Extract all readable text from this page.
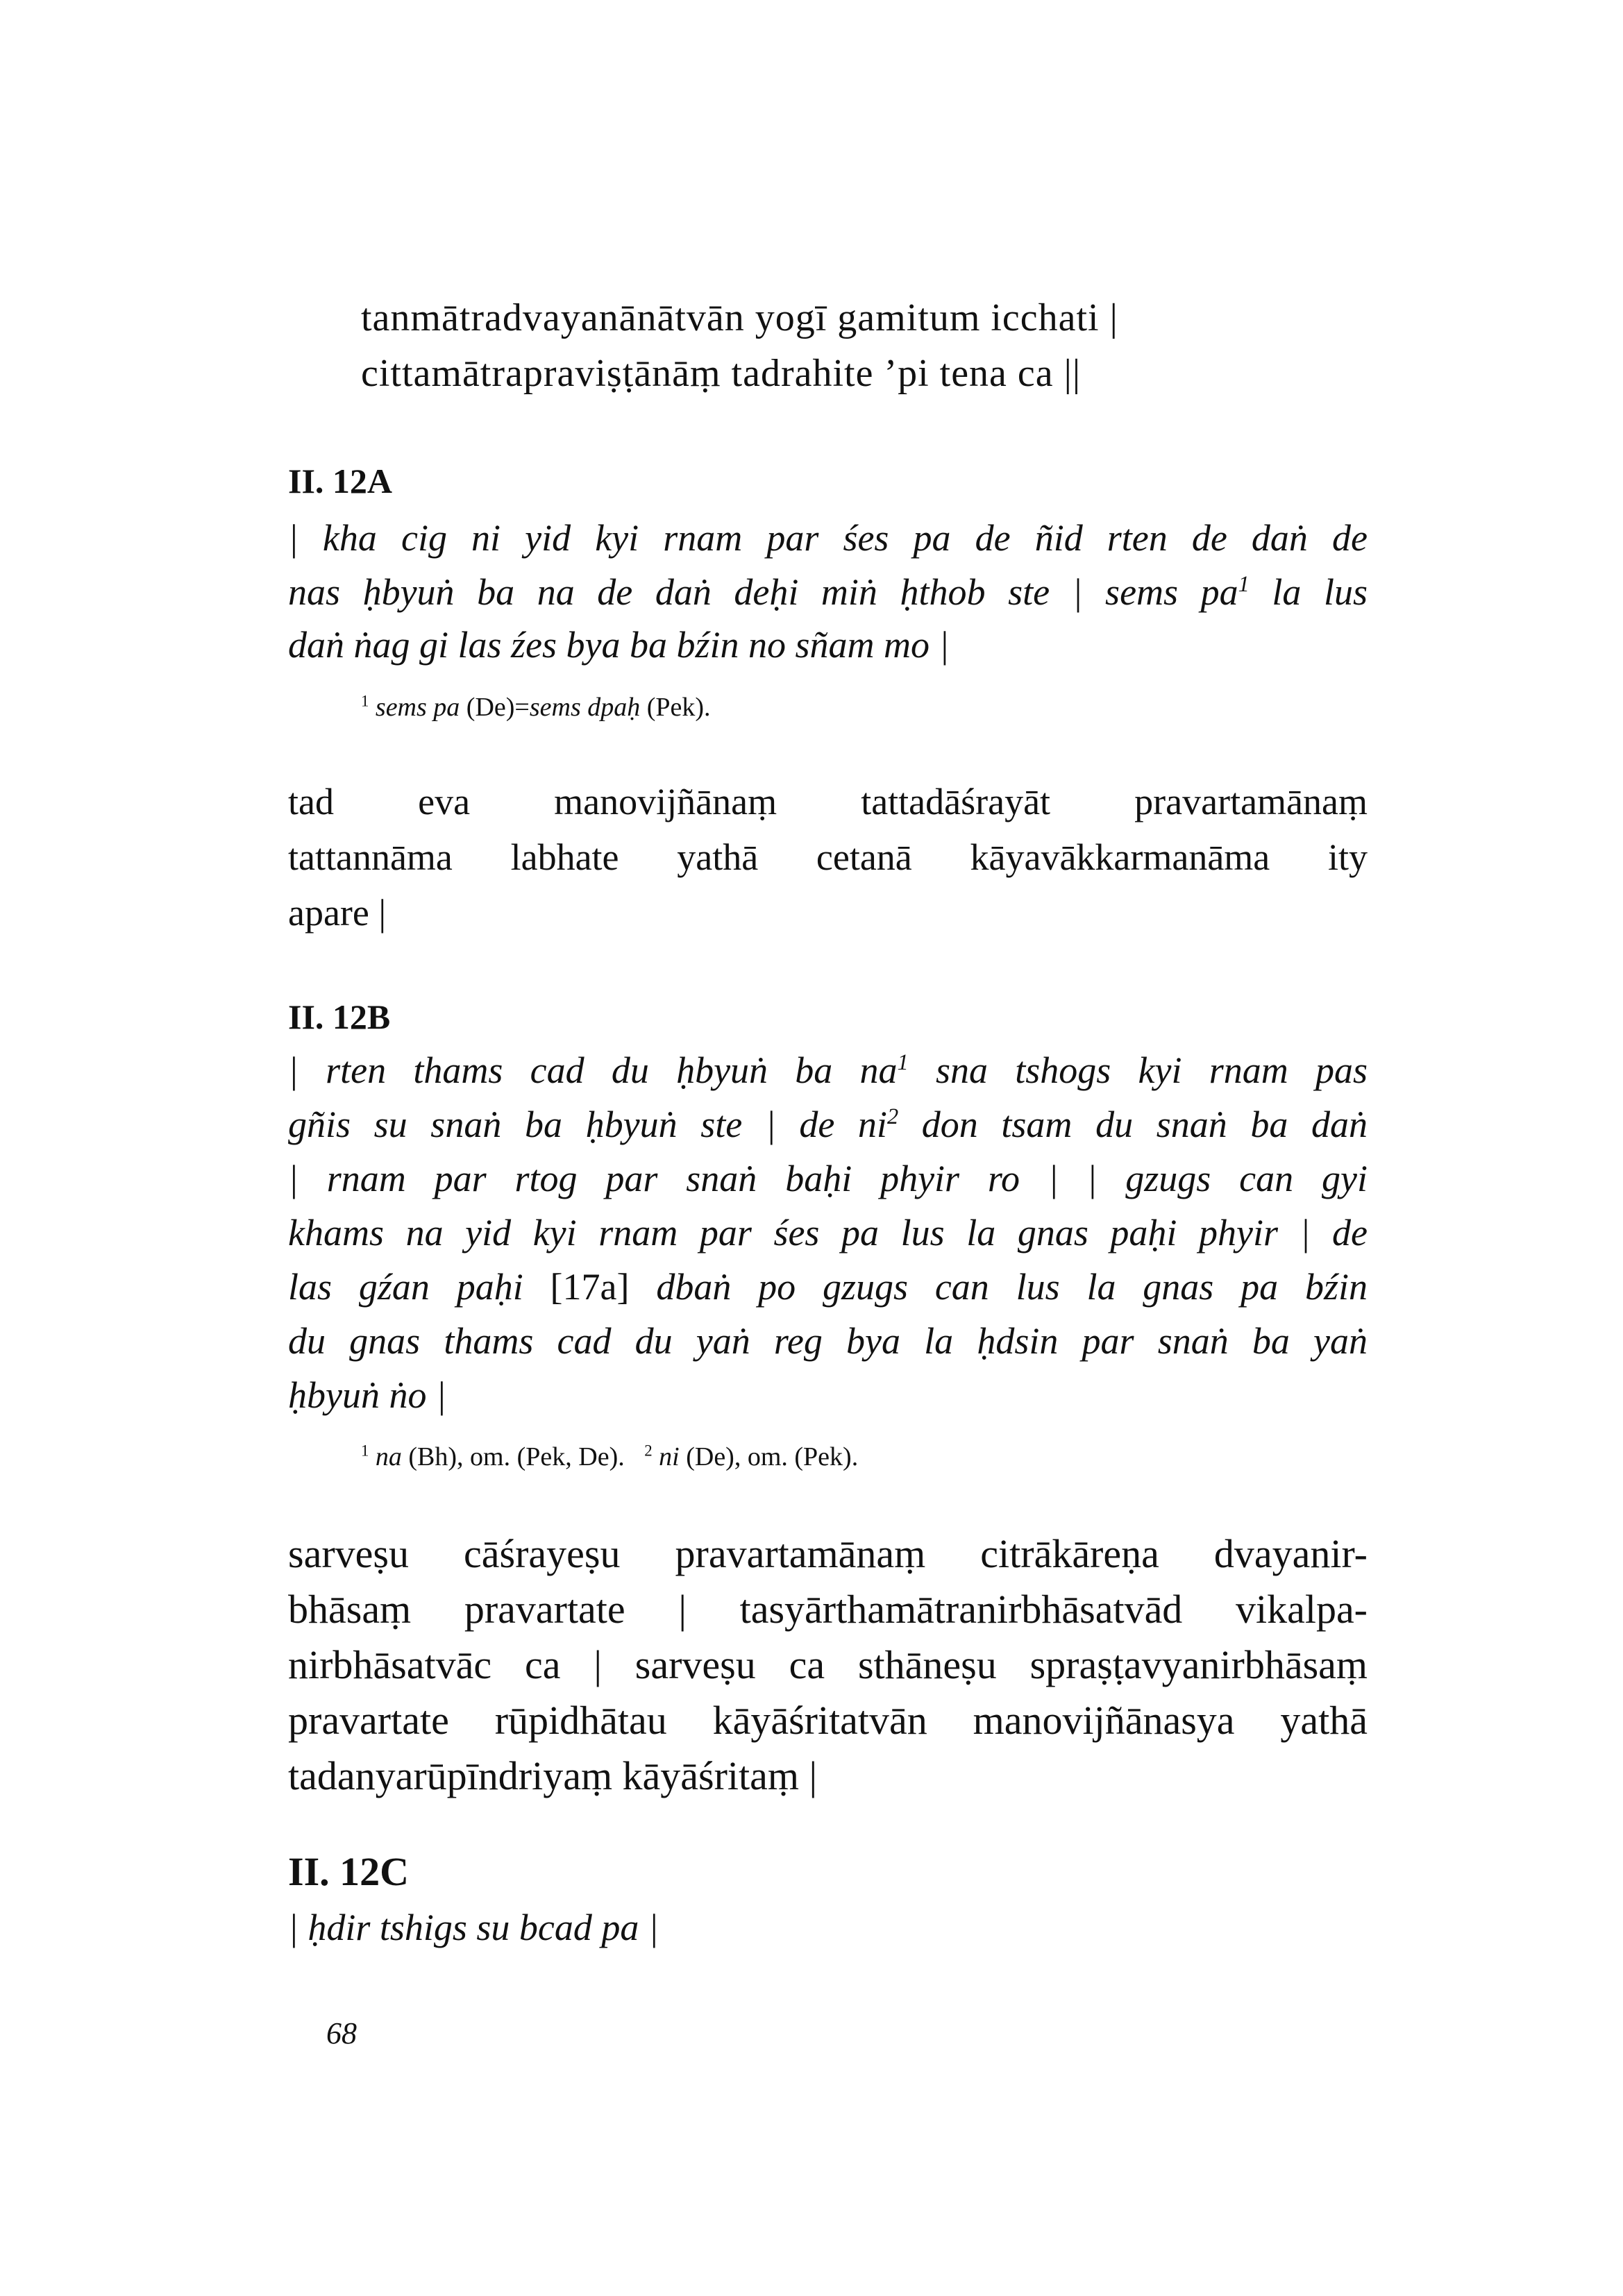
tanmātradvayanānātvān yogī gamitum icchati |
cittamātrapraviṣṭānāṃ tadrahite ’pi tena ca ||
II. 12A
| kha cig ni yid kyi rnam par śes pa de ñid rten de daṅ de
nas ḥbyuṅ ba na de daṅ deḥi miṅ ḥthob ste | sems $pa^1$ la lus
daṅ ṅag gi las źes bya ba bźin no sñam mo |
$^1$ sems pa (De)=sems dpaḥ (Pek).
tad eva manovijñānaṃ tattadāśrayāt pravartamānaṃ
tattannāma labhate yathā cetanā kāyavākkarmanāma ity
apare |
II. 12B
| rten thams cad du ḥbyuṅ ba $na^1$ sna tshogs kyi rnam pas
gñis su snaṅ ba ḥbyuṅ ste | de $ni^2$ don tsam du snaṅ ba daṅ
| rnam par rtog par snaṅ baḥi phyir ro | | gzugs can gyi
khams na yid kyi rnam par śes pa lus la gnas paḥi phyir | de
las gźan paḥi [17a] dbaṅ po gzugs can lus la gnas pa bźin
du gnas thams cad du yaṅ reg bya la ḥdsin par snaṅ ba yaṅ
ḥbyuṅ ṅo |
$^1$ na (Bh), om. (Pek, De). $^2$ ni (De), om. (Pek).
sarveṣu cāśrayeṣu pravartamānaṃ citrākāreṇa dvayanir-
bhāsaṃ pravartate | tasyārthamātranirbhāsatvād vikalpa-
nirbhāsatvāc ca | sarveṣu ca sthāneṣu spraṣṭavyanirbhāsaṃ
pravartate rūpidhātau kāyāśritatvān manovijñānasya yathā
tadanyarūpīndriyaṃ kāyāśritaṃ |
II. 12C
| ḥdir tshigs su bcad pa |
68
